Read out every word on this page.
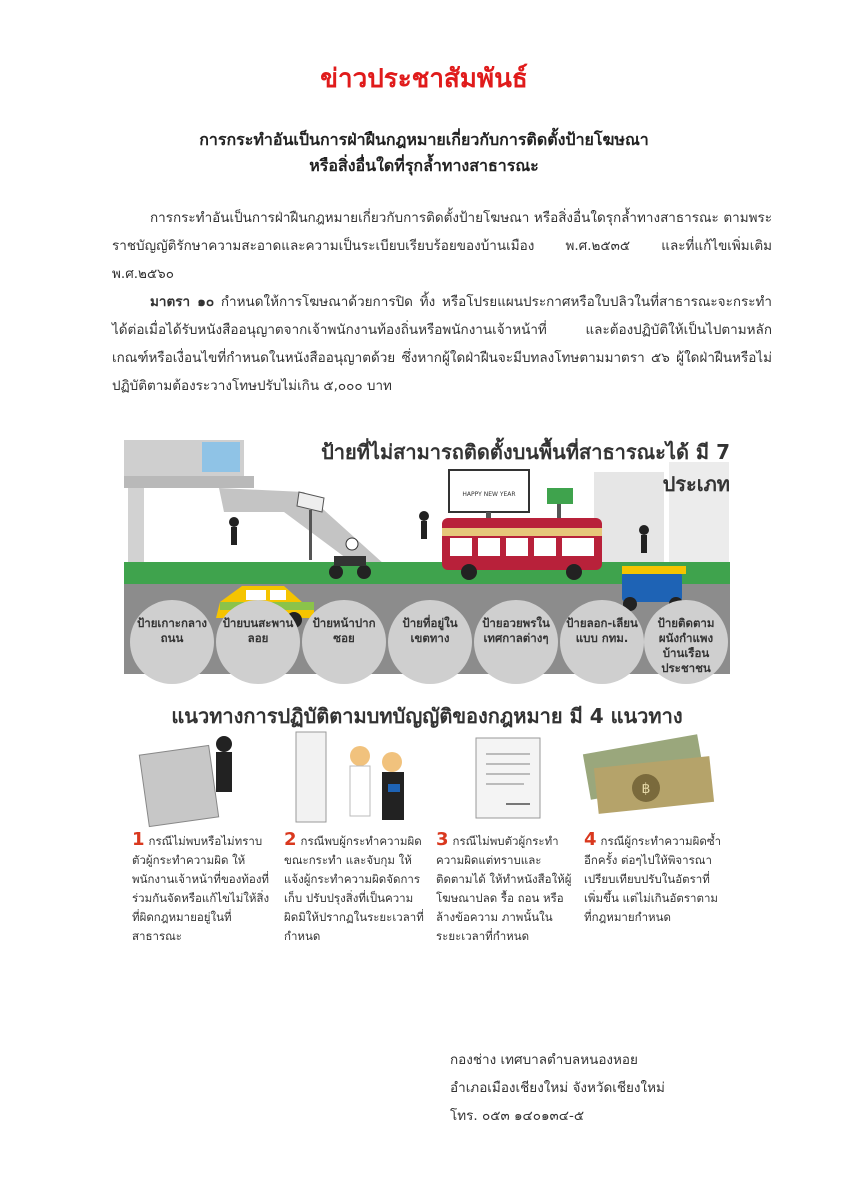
ข่าวประชาสัมพันธ์
การกระทำอันเป็นการฝ่าฝืนกฎหมายเกี่ยวกับการติดตั้งป้ายโฆษณา
หรือสิ่งอื่นใดที่รุกล้ำทางสาธารณะ
การกระทำอันเป็นการฝ่าฝืนกฎหมายเกี่ยวกับการติดตั้งป้ายโฆษณา หรือสิ่งอื่นใดรุกล้ำทางสาธารณะ ตามพระราชบัญญัติรักษาความสะอาดและความเป็นระเบียบเรียบร้อยของบ้านเมือง พ.ศ.๒๕๓๕ และที่แก้ไขเพิ่มเติม พ.ศ.๒๕๖๐
มาตรา ๑๐ กำหนดให้การโฆษณาด้วยการปิด ทิ้ง หรือโปรยแผนประกาศหรือใบปลิวในที่สาธารณะจะกระทำได้ต่อเมื่อได้รับหนังสืออนุญาตจากเจ้าพนักงานท้องถิ่นหรือพนักงานเจ้าหน้าที่ และต้องปฏิบัติให้เป็นไปตามหลักเกณฑ์หรือเงื่อนไขที่กำหนดในหนังสืออนุญาตด้วย ซึ่งหากผู้ใดฝ่าฝืนจะมีบทลงโทษตามมาตรา ๕๖ ผู้ใดฝ่าฝืนหรือไม่ปฏิบัติตามต้องระวางโทษปรับไม่เกิน ๕,๐๐๐ บาท
HAPPY NEW YEAR
฿
ป้ายที่ไม่สามารถติดตั้งบนพื้นที่สาธารณะได้ มี 7 ประเภท
ป้ายเกาะกลางถนน
ป้ายบนสะพานลอย
ป้ายหน้าปากซอย
ป้ายที่อยู่ในเขตทาง
ป้ายอวยพรในเทศกาลต่างๆ
ป้ายลอก-เลียนแบบ กทม.
ป้ายติดตามผนังกำแพง บ้านเรือนประชาชน
แนวทางการปฏิบัติตามบทบัญญัติของกฎหมาย มี 4 แนวทาง
1 กรณีไม่พบหรือไม่ทราบตัวผู้กระทำความผิด ให้พนักงานเจ้าหน้าที่ของท้องที่ร่วมกันจัดหรือแก้ไขไม่ให้สิ่งที่ผิดกฎหมายอยู่ในที่สาธารณะ
2 กรณีพบผู้กระทำความผิดขณะกระทำ และจับกุม ให้แจ้งผู้กระทำความผิดจัดการเก็บ ปรับปรุงสิ่งที่เป็นความผิดมิให้ปรากฏในระยะเวลาที่กำหนด
3 กรณีไม่พบตัวผู้กระทำความผิดแต่ทราบและติดตามได้ ให้ทำหนังสือให้ผู้โฆษณาปลด รื้อ ถอน หรือล้างข้อความ ภาพนั้นในระยะเวลาที่กำหนด
4 กรณีผู้กระทำความผิดซ้ำอีกครั้ง ต่อๆไปให้พิจารณาเปรียบเทียบปรับในอัตราที่เพิ่มขึ้น แต่ไม่เกินอัตราตามที่กฎหมายกำหนด
กองช่าง เทศบาลตำบลหนองหอย
อำเภอเมืองเชียงใหม่ จังหวัดเชียงใหม่
โทร. ๐๕๓ ๑๔๐๑๓๔-๕
